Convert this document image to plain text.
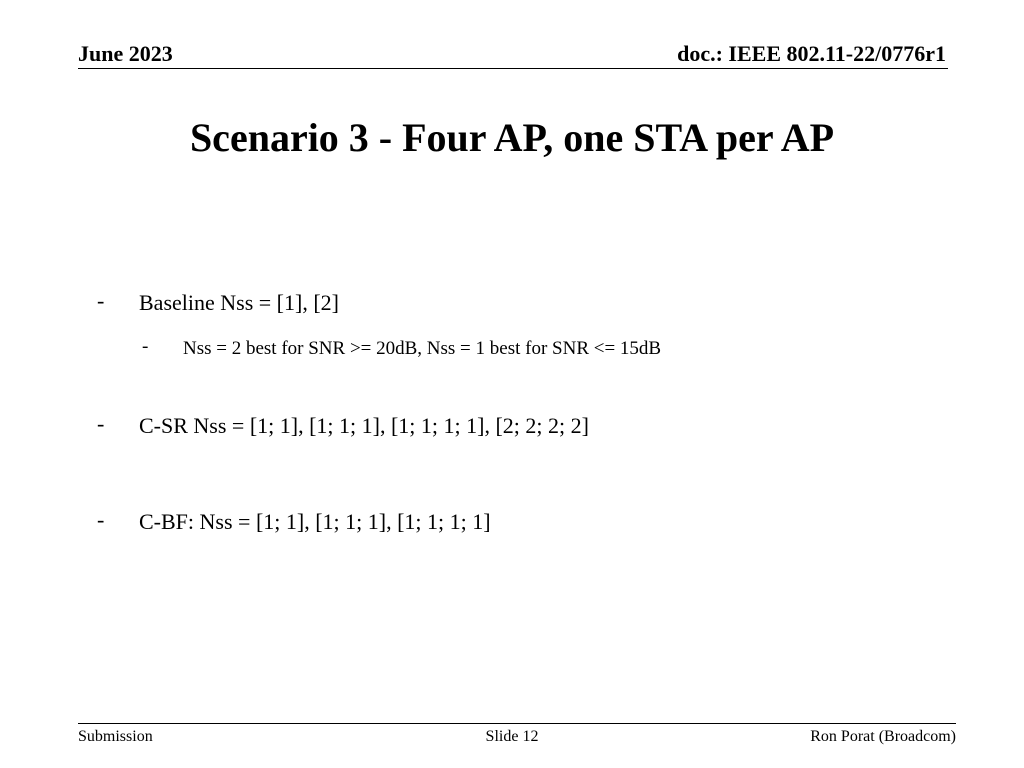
June 2023	doc.: IEEE 802.11-22/0776r1
Scenario 3 - Four AP, one STA per AP
- Baseline Nss = [1], [2]
- Nss = 2 best for SNR >= 20dB, Nss = 1 best for SNR <= 15dB
- C-SR Nss = [1; 1], [1; 1; 1], [1; 1; 1; 1], [2; 2; 2; 2]
- C-BF: Nss = [1; 1], [1; 1; 1], [1; 1; 1; 1]
Submission	Slide 12	Ron Porat (Broadcom)
